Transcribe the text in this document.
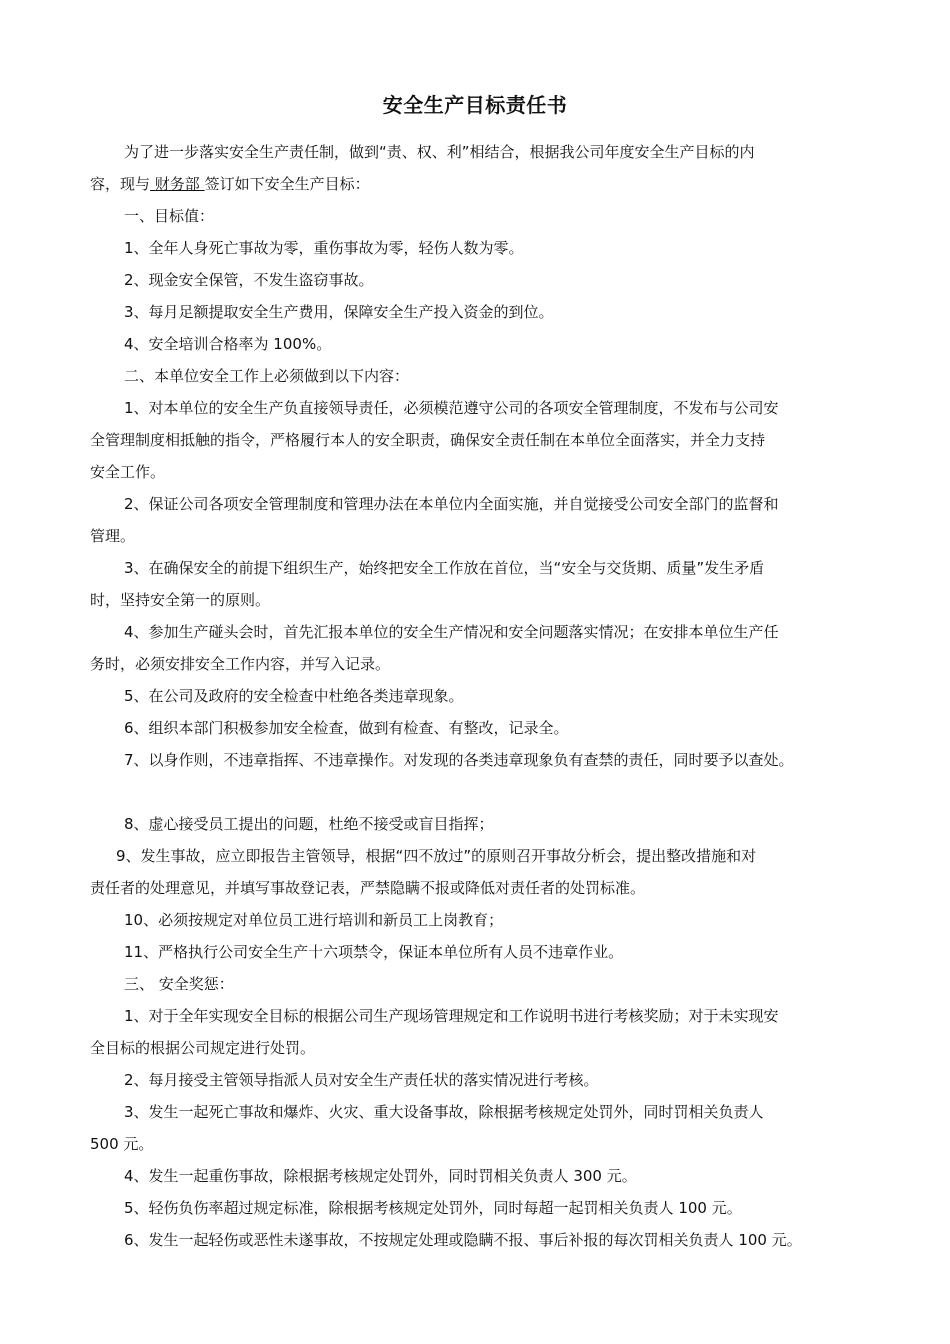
安全生产目标责任书
为了进一步落实安全生产责任制，做到“责、权、利”相结合，根据我公司年度安全生产目标的内
容，现与 财务部 签订如下安全生产目标：
一、目标值：
1、全年人身死亡事故为零，重伤事故为零，轻伤人数为零。
2、现金安全保管，不发生盗窃事故。
3、每月足额提取安全生产费用，保障安全生产投入资金的到位。
4、安全培训合格率为 100%。
二、本单位安全工作上必须做到以下内容：
1、对本单位的安全生产负直接领导责任，必须模范遵守公司的各项安全管理制度，不发布与公司安
全管理制度相抵触的指令，严格履行本人的安全职责，确保安全责任制在本单位全面落实，并全力支持
安全工作。
2、保证公司各项安全管理制度和管理办法在本单位内全面实施，并自觉接受公司安全部门的监督和
管理。
3、在确保安全的前提下组织生产，始终把安全工作放在首位，当“安全与交货期、质量”发生矛盾
时，坚持安全第一的原则。
4、参加生产碰头会时，首先汇报本单位的安全生产情况和安全问题落实情况；在安排本单位生产任
务时，必须安排安全工作内容，并写入记录。
5、在公司及政府的安全检查中杜绝各类违章现象。
6、组织本部门积极参加安全检查，做到有检查、有整改，记录全。
7、以身作则，不违章指挥、不违章操作。对发现的各类违章现象负有查禁的责任，同时要予以查处。
8、虚心接受员工提出的问题，杜绝不接受或盲目指挥；
9、发生事故，应立即报告主管领导，根据“四不放过”的原则召开事故分析会，提出整改措施和对
责任者的处理意见，并填写事故登记表，严禁隐瞒不报或降低对责任者的处罚标准。
10、必须按规定对单位员工进行培训和新员工上岗教育；
11、严格执行公司安全生产十六项禁令，保证本单位所有人员不违章作业。
三、 安全奖惩：
1、对于全年实现安全目标的根据公司生产现场管理规定和工作说明书进行考核奖励；对于未实现安
全目标的根据公司规定进行处罚。
2、每月接受主管领导指派人员对安全生产责任状的落实情况进行考核。
3、发生一起死亡事故和爆炸、火灾、重大设备事故，除根据考核规定处罚外，同时罚相关负责人
500 元。
4、发生一起重伤事故，除根据考核规定处罚外，同时罚相关负责人 300 元。
5、轻伤负伤率超过规定标准，除根据考核规定处罚外，同时每超一起罚相关负责人 100 元。
6、发生一起轻伤或恶性未遂事故，不按规定处理或隐瞒不报、事后补报的每次罚相关负责人 100 元。
